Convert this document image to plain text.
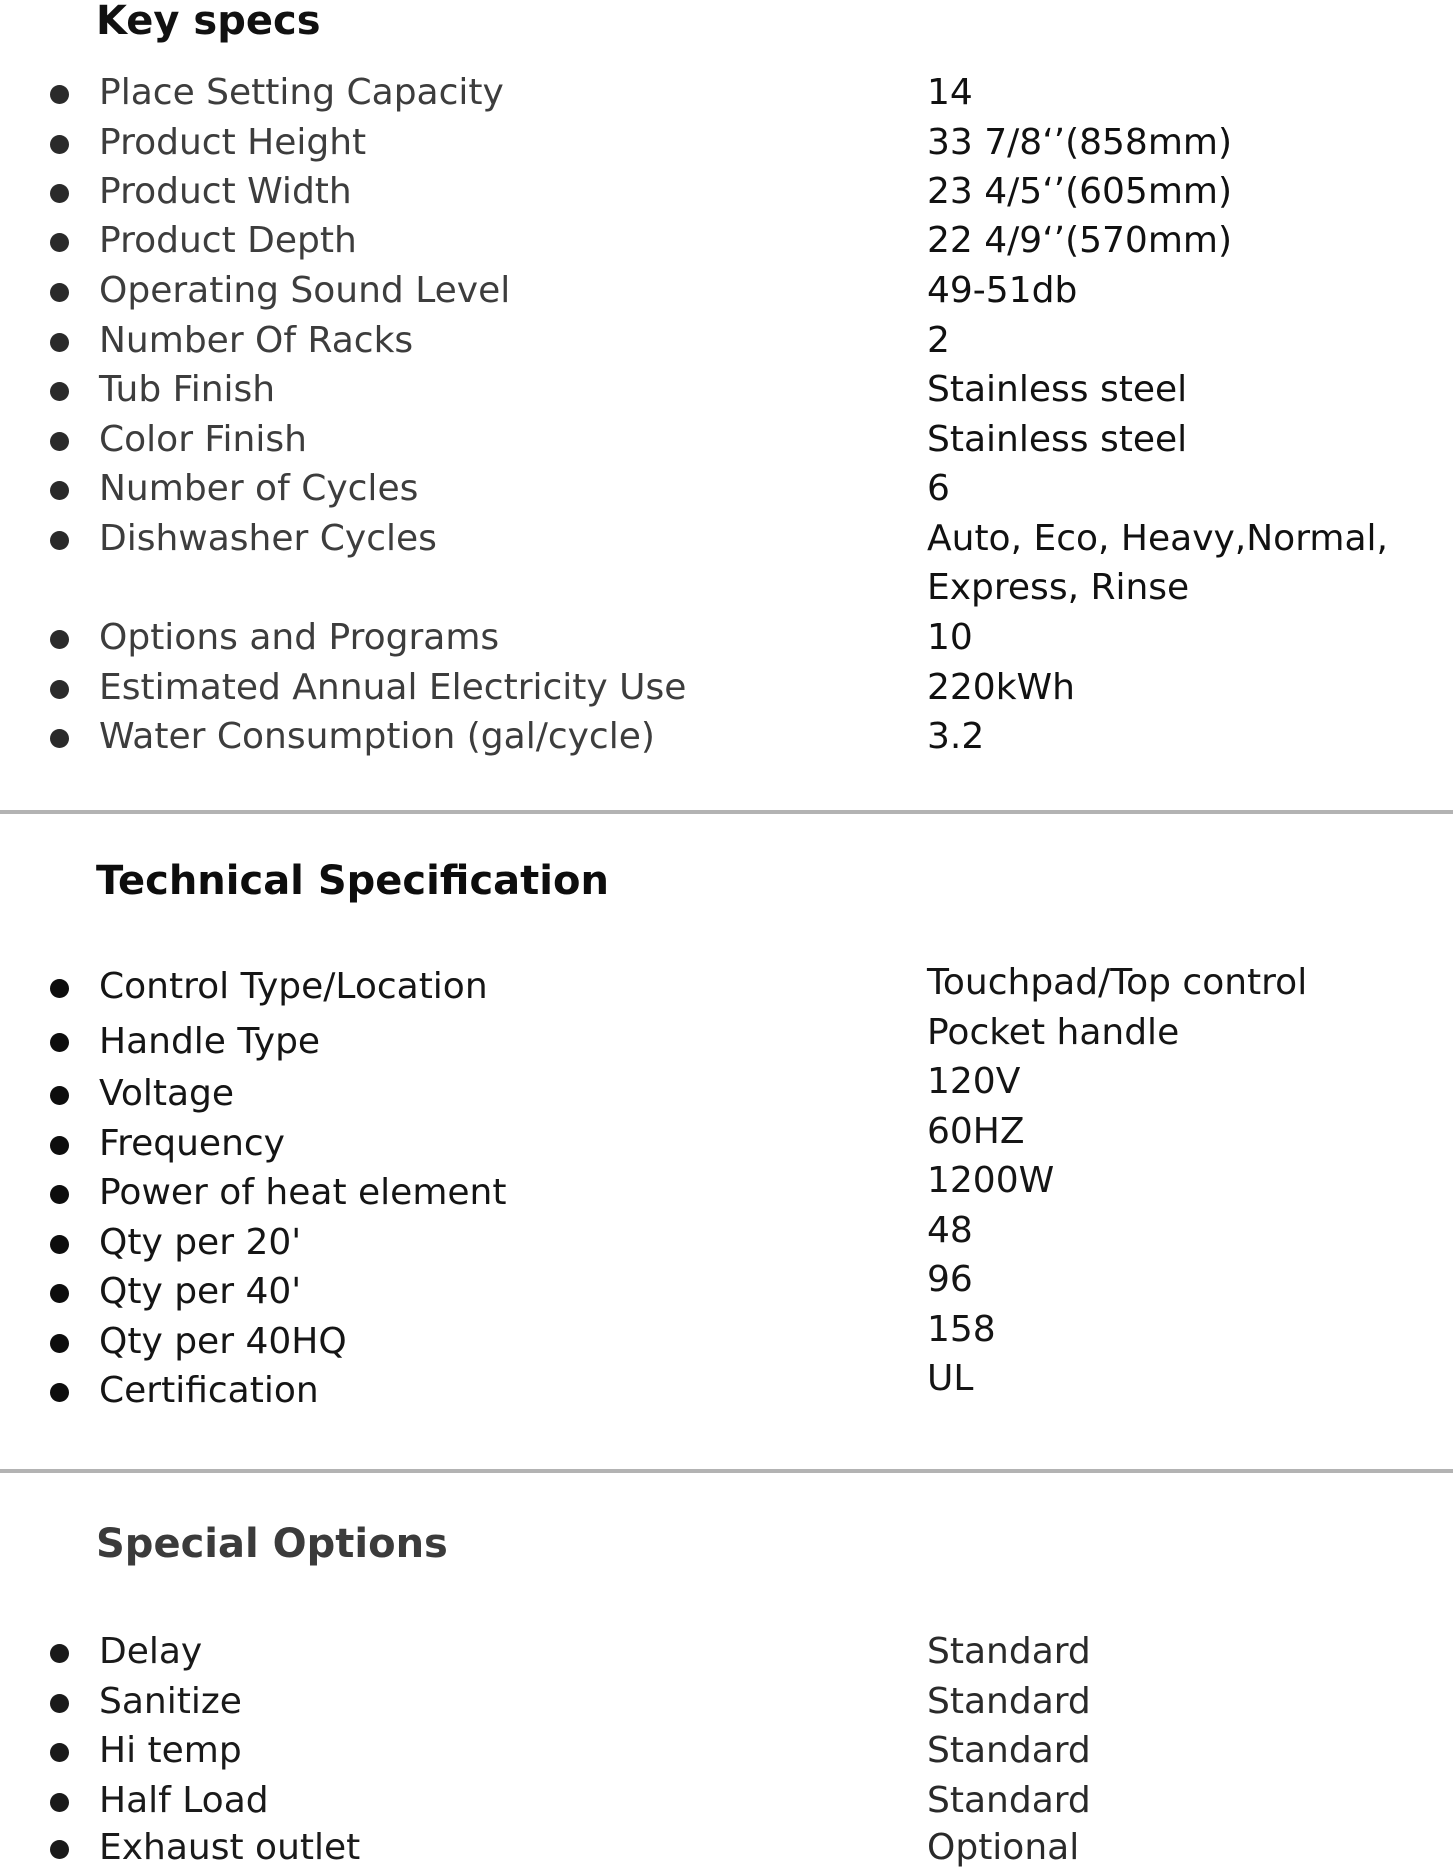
Key specs
Place Setting Capacity	14
Product Height	33 7/8‘’(858mm)
Product Width	23 4/5‘’(605mm)
Product Depth	22 4/9‘’(570mm)
Operating Sound Level	49-51db
Number Of Racks	2
Tub Finish	Stainless steel
Color Finish	Stainless steel
Number of Cycles	6
Dishwasher Cycles	Auto, Eco, Heavy,Normal, Express, Rinse
Options and Programs	10
Estimated Annual Electricity Use	220kWh
Water Consumption (gal/cycle)	3.2
Technical Specification
Control Type/Location	Touchpad/Top control
Handle Type	Pocket handle
Voltage	120V
Frequency	60HZ
Power of heat element	1200W
Qty per 20'	48
Qty per 40'	96
Qty per 40HQ	158
Certification	UL
Special Options
Delay	Standard
Sanitize	Standard
Hi temp	Standard
Half Load	Standard
Exhaust outlet	Optional
